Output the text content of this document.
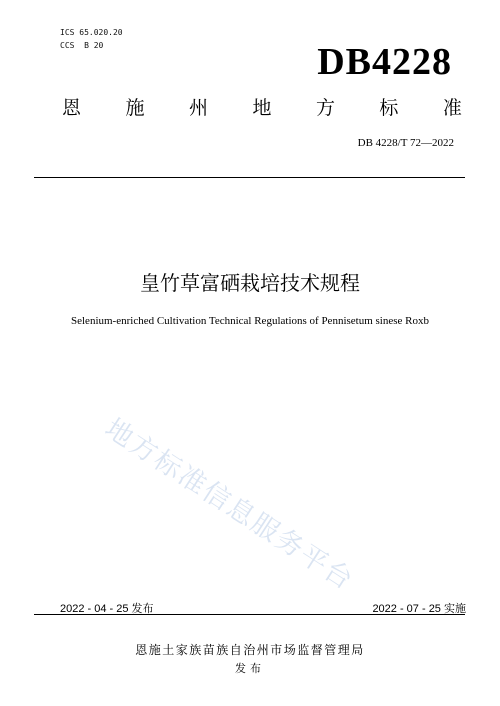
ICS 65.020.20
CCS  B 20	DB4228
恩 施 州 地 方 标 准
DB 4228/T 72—2022
皇竹草富硒栽培技术规程
Selenium-enriched Cultivation Technical Regulations of Pennisetum sinese Roxb
地方标准信息服务平台
2022 - 04 - 25 发布	2022 - 07 - 25 实施
恩施土家族苗族自治州市场监督管理局
发布
